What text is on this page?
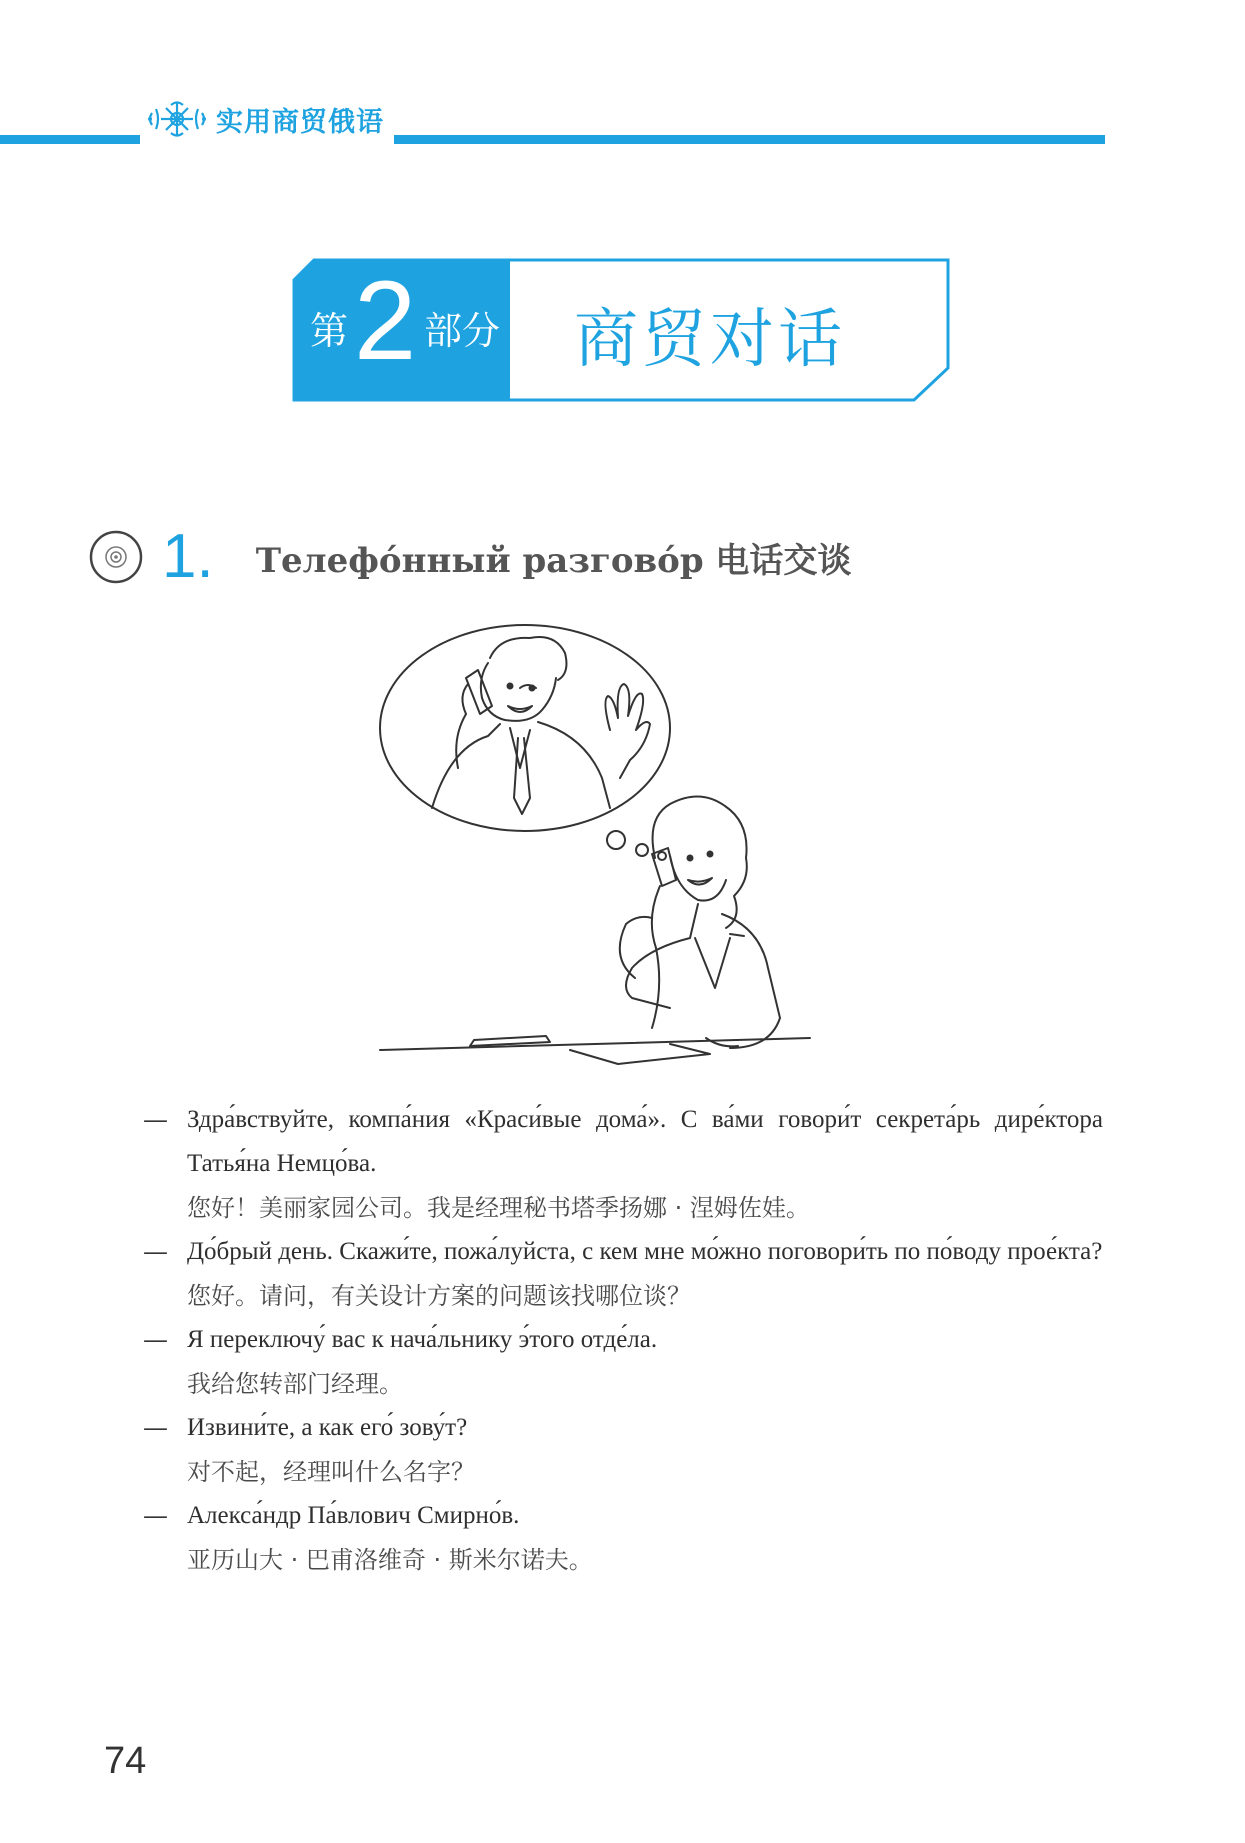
实用商贸俄语
第 2 部分	商贸对话
1. Телефо́нный разгово́р 电话交谈
— Здра́вствуйте, компа́ния «Краси́вые дома́». С ва́ми говори́т секрета́рь дире́ктора Татья́на Немцо́ва.
您好！美丽家园公司。我是经理秘书塔季扬娜 · 涅姆佐娃。
— До́брый день. Скажи́те, пожа́луйста, с кем мне мо́жно поговори́ть по по́воду прое́кта?
您好。请问，有关设计方案的问题该找哪位谈？
— Я переключу́ вас к нача́льнику э́того отде́ла.
我给您转部门经理。
— Извини́те, а как его́ зову́т?
对不起，经理叫什么名字？
— Алекса́ндр Па́влович Смирно́в.
亚历山大 · 巴甫洛维奇 · 斯米尔诺夫。
74
